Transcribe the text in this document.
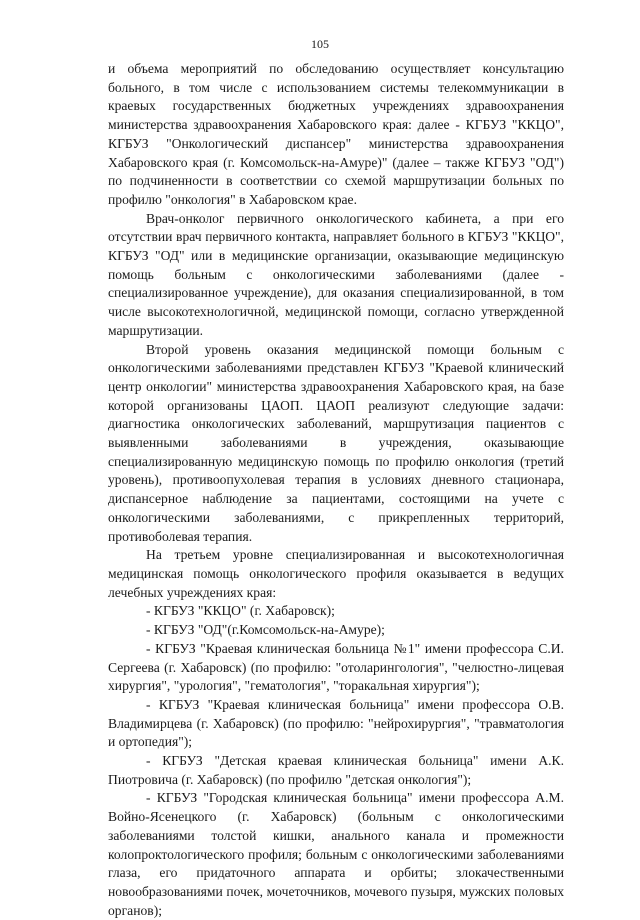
105

и объема мероприятий по обследованию осуществляет консультацию больного, в том числе с использованием системы телекоммуникации в краевых государственных бюджетных учреждениях здравоохранения министерства здравоохранения Хабаровского края: далее - КГБУЗ "ККЦО", КГБУЗ "Онкологический диспансер" министерства здравоохранения Хабаровского края (г. Комсомольск-на-Амуре)" (далее – также КГБУЗ "ОД") по подчиненности в соответствии со схемой маршрутизации больных по профилю "онкология" в Хабаровском крае.

Врач-онколог первичного онкологического кабинета, а при его отсутствии врач первичного контакта, направляет больного в КГБУЗ "ККЦО", КГБУЗ "ОД" или в медицинские организации, оказывающие медицинскую помощь больным с онкологическими заболеваниями (далее - специализированное учреждение), для оказания специализированной, в том числе высокотехнологичной, медицинской помощи, согласно утвержденной маршрутизации.

Второй уровень оказания медицинской помощи больным с онкологическими заболеваниями представлен КГБУЗ "Краевой клинический центр онкологии" министерства здравоохранения Хабаровского края, на базе которой организованы ЦАОП. ЦАОП реализуют следующие задачи: диагностика онкологических заболеваний, маршрутизация пациентов с выявленными заболеваниями в учреждения, оказывающие специализированную медицинскую помощь по профилю онкология (третий уровень), противоопухолевая терапия в условиях дневного стационара, диспансерное наблюдение за пациентами, состоящими на учете с онкологическими заболеваниями, с прикрепленных территорий, противоболевая терапия.

На третьем уровне специализированная и высокотехнологичная медицинская помощь онкологического профиля оказывается в ведущих лечебных учреждениях края:

- КГБУЗ "ККЦО" (г. Хабаровск);

- КГБУЗ "ОД"(г.Комсомольск-на-Амуре);

- КГБУЗ "Краевая клиническая больница №1" имени профессора С.И. Сергеева (г. Хабаровск) (по профилю: "отоларингология", "челюстно-лицевая хирургия", "урология", "гематология", "торакальная хирургия");

- КГБУЗ "Краевая клиническая больница" имени профессора О.В. Владимирцева (г. Хабаровск) (по профилю: "нейрохирургия", "травматология и ортопедия");

- КГБУЗ "Детская краевая клиническая больница" имени А.К. Пиотровича (г. Хабаровск) (по профилю "детская онкология");

- КГБУЗ "Городская клиническая больница" имени профессора А.М. Войно-Ясенецкого (г. Хабаровск) (больным с онкологическими заболеваниями толстой кишки, анального канала и промежности колопроктологического профиля; больным с онкологическими заболеваниями глаза, его придаточного аппарата и орбиты; злокачественными новообразованиями почек, мочеточников, мочевого пузыря, мужских половых органов);
